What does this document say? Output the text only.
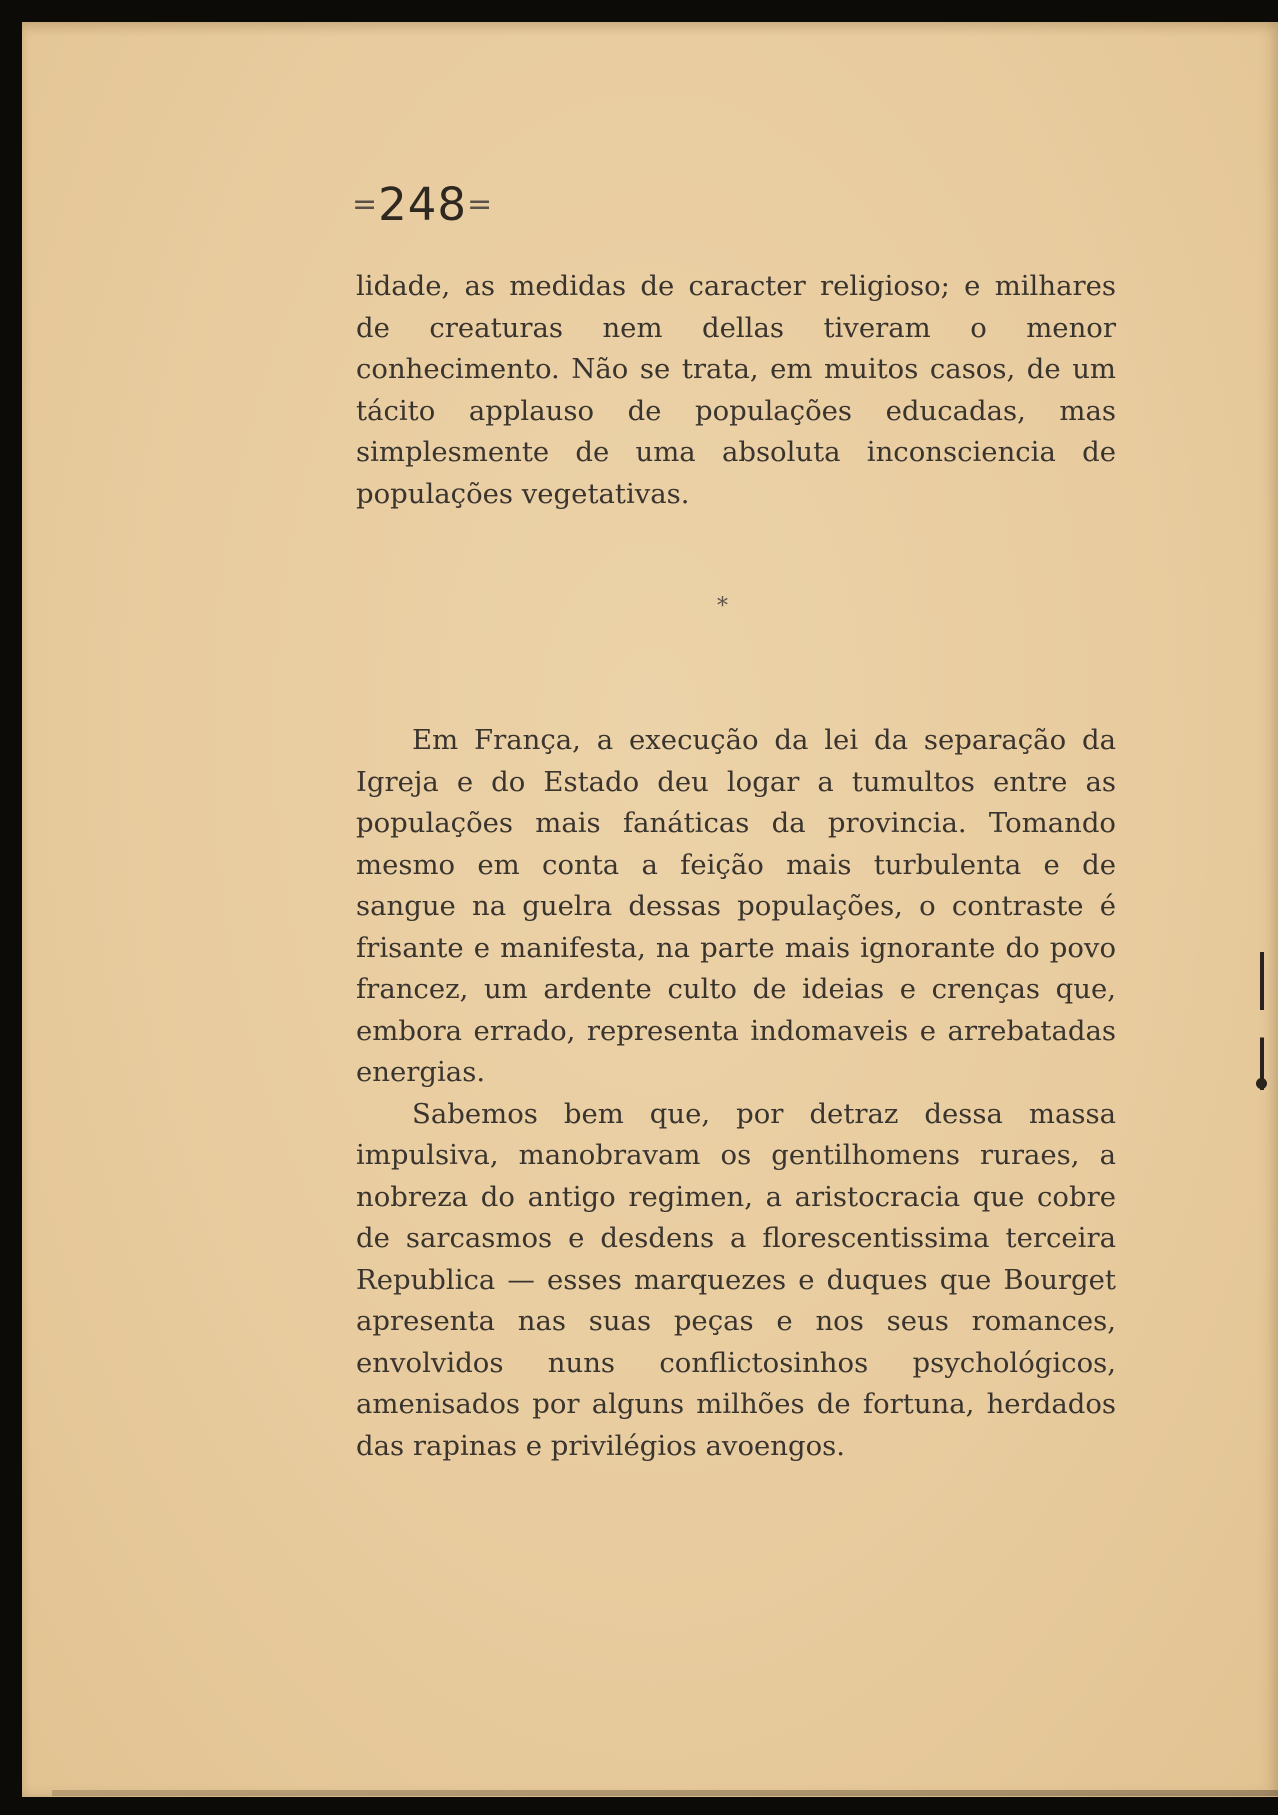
=248=

lidade, as medidas de caracter religioso; e milhares de creaturas nem dellas tiveram o menor conhecimento. Não se trata, em muitos casos, de um tácito applauso de populações educadas, mas simplesmente de uma absoluta inconsciencia de populações vegetativas.

*

Em França, a execução da lei da separação da Igreja e do Estado deu logar a tumultos entre as populações mais fanáticas da provincia. Tomando mesmo em conta a feição mais turbulenta e de sangue na guelra dessas populações, o contraste é frisante e manifesta, na parte mais ignorante do povo francez, um ardente culto de ideias e crenças que, embora errado, representa indomaveis e arrebatadas energias.

Sabemos bem que, por detraz dessa massa impulsiva, manobravam os gentilhomens ruraes, a nobreza do antigo regimen, a aristocracia que cobre de sarcasmos e desdens a florescentissima terceira Republica — esses marquezes e duques que Bourget apresenta nas suas peças e nos seus romances, envolvidos nuns conflictosinhos psychológicos, amenisados por alguns milhões de fortuna, herdados das rapinas e privilégios avoengos.
